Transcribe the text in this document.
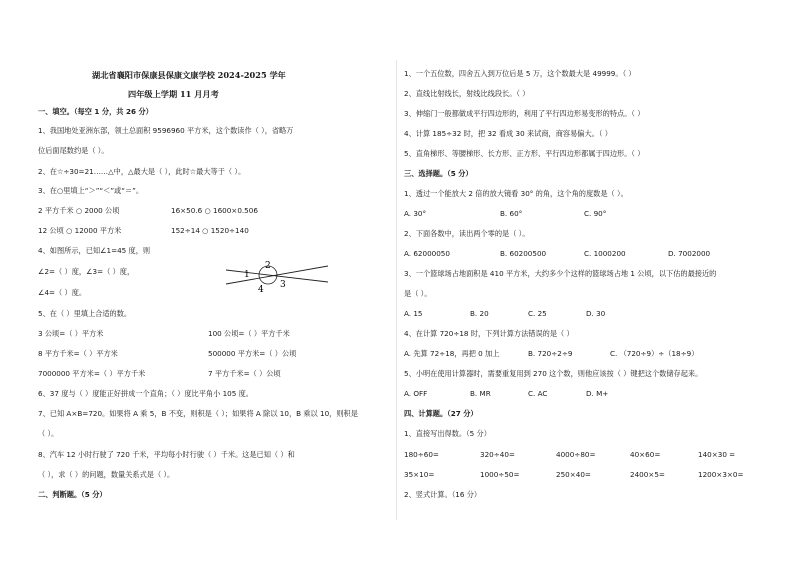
湖北省襄阳市保康县保康文康学校 2024-2025 学年
四年级上学期 11 月月考
一、填空。（每空 1 分，共 26 分）
1、我国地处亚洲东部，领土总面积 9596960 平方米，这个数读作（ ），省略万
位后面尾数约是（ ）。
2、在☆÷30=21……△中，△最大是（ ），此时☆最大等于（ ）。
3、在○里填上“＞”“＜”或“＝”。
2 平方千米 ○ 2000 公顷	16×50.6 ○ 1600×0.506
12 公顷 ○ 12000 平方米	152÷14 ○ 1520÷140
4、如图所示，已知∠1=45 度，则
∠2=（ ）度，∠3=（ ）度，
∠4=（ ）度。
1
2
3
4
5、在（ ）里填上合适的数。
3 公顷=（ ）平方米	100 公顷=（ ）平方千米
8 平方千米=（ ）平方米	500000 平方米=（ ）公顷
7000000 平方米=（ ）平方千米	7 平方千米=（ ）公顷
6、37 度与（ ）度能正好拼成一个直角；（ ）度比平角小 105 度。
7、已知 A×B=720。如果将 A 乘 5，B 不变，则积是（ ）；如果将 A 除以 10，B 乘以 10，则积是
（ ）。
8、汽车 12 小时行驶了 720 千米，平均每小时行驶（ ）千米。这是已知（ ）和
（ ），求（ ）的问题，数量关系式是（ ）。
二、判断题。（5 分）
1、一个五位数，四舍五入到万位后是 5 万，这个数最大是 49999。（ ）
2、直线比射线长，射线比线段长。（ ）
3、伸缩门一般都做成平行四边形的，利用了平行四边形易变形的特点。（ ）
4、计算 185÷32 时，把 32 看成 30 来试商，商容易偏大。（ ）
5、直角梯形、等腰梯形、长方形、正方形、平行四边形都属于四边形。（ ）
三、选择题。（5 分）
1、透过一个能放大 2 倍的放大镜看 30° 的角，这个角的度数是（ ）。
A. 30°	B. 60°	C. 90°
2、下面各数中，读出两个零的是（ ）。
A. 62000050	B. 60200500	C. 1000200	D. 7002000
3、一个篮球场占地面积是 410 平方米，大约多少个这样的篮球场占地 1 公顷，以下估的最接近的
是（ ）。
A. 15	B. 20	C. 25	D. 30
4、在计算 720÷18 时，下列计算方法错误的是（ ）
A. 先算 72÷18，再把 0 加上	B. 720÷2÷9	C. （720÷9）÷（18÷9）
5、小明在使用计算器时，需要重复用到 270 这个数，则他应该按（ ）键把这个数储存起来。
A. OFF	B. MR	C. AC	D. M+
四、计算题。（27 分）
1、直接写出得数。（5 分）
180÷60=	320÷40=	4000÷80=	40×60=	140×30 =
35×10=	1000÷50=	250×40=	2400×5=	1200×3×0=
2、竖式计算。（16 分）
